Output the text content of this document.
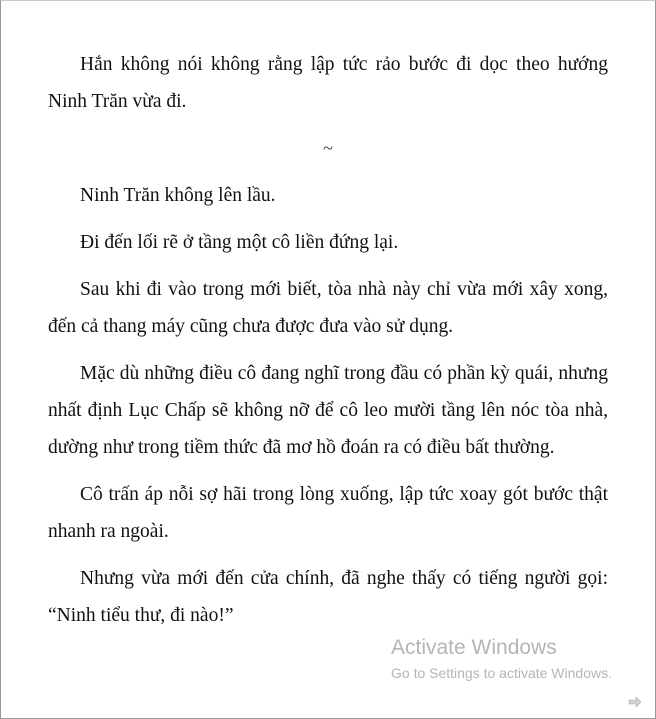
Hắn không nói không rằng lập tức rảo bước đi dọc theo hướng Ninh Trăn vừa đi.

~

Ninh Trăn không lên lầu.

Đi đến lối rẽ ở tầng một cô liền đứng lại.

Sau khi đi vào trong mới biết, tòa nhà này chỉ vừa mới xây xong, đến cả thang máy cũng chưa được đưa vào sử dụng.

Mặc dù những điều cô đang nghĩ trong đầu có phần kỳ quái, nhưng nhất định Lục Chấp sẽ không nỡ để cô leo mười tầng lên nóc tòa nhà, dường như trong tiềm thức đã mơ hồ đoán ra có điều bất thường.

Cô trấn áp nỗi sợ hãi trong lòng xuống, lập tức xoay gót bước thật nhanh ra ngoài.

Nhưng vừa mới đến cửa chính, đã nghe thấy có tiếng người gọi: “Ninh tiểu thư, đi nào!”

Activate Windows
Go to Settings to activate Windows.
